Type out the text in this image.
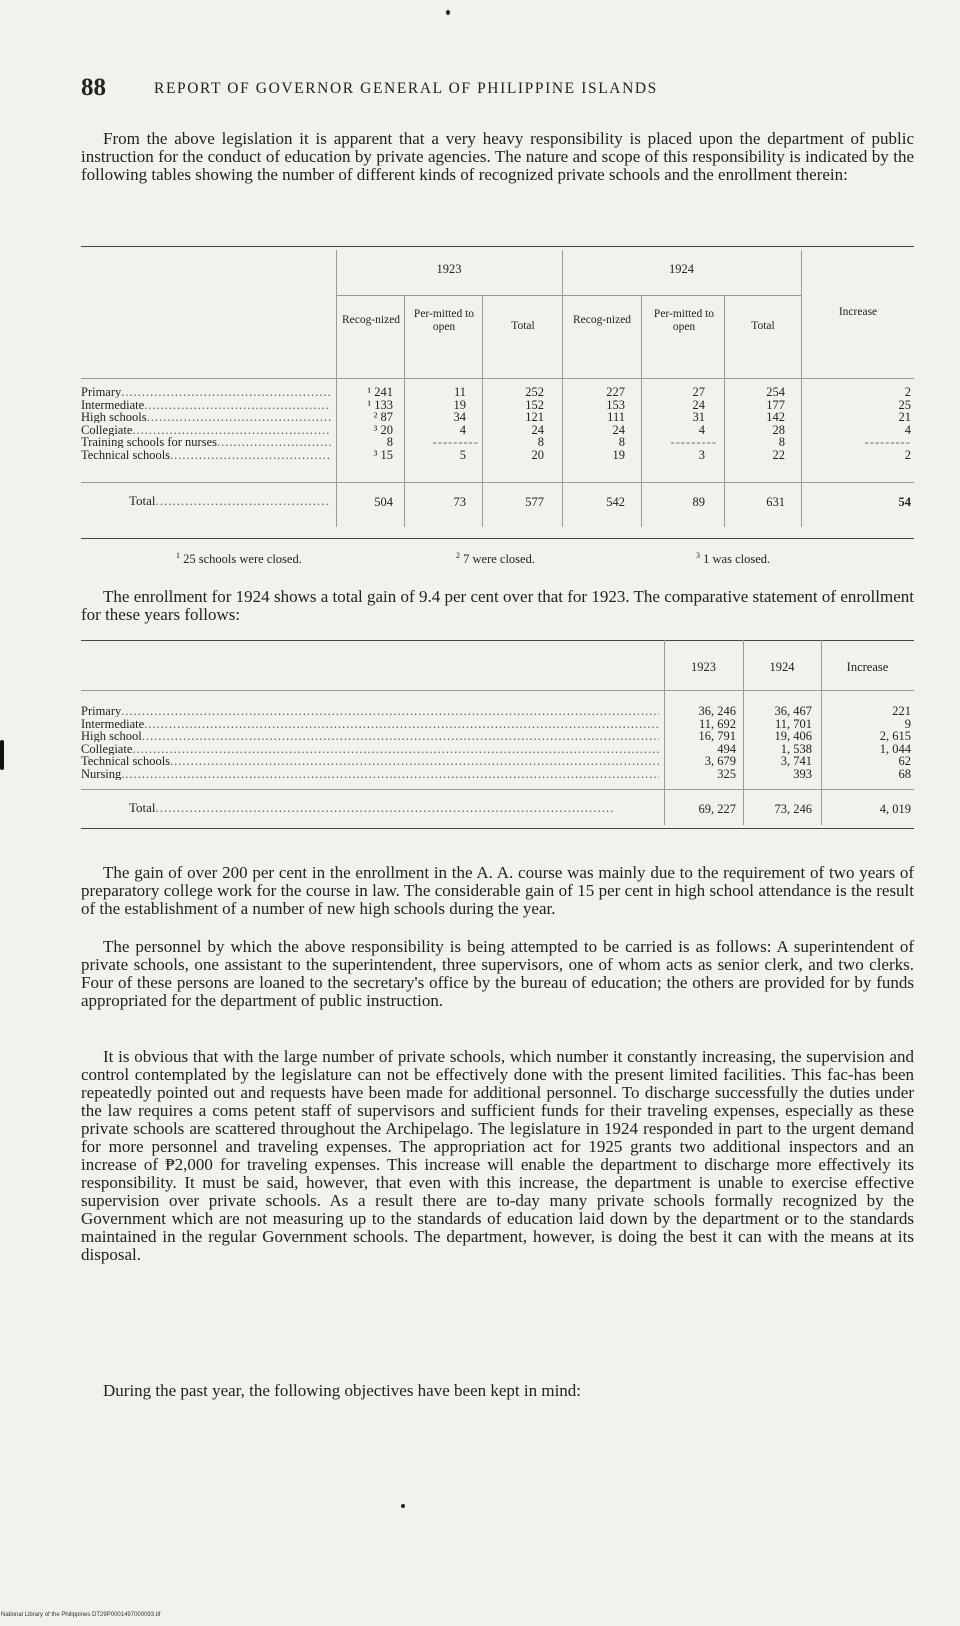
88	REPORT OF GOVERNOR GENERAL OF PHILIPPINE ISLANDS

From the above legislation it is apparent that a very heavy responsibility is placed upon the department of public instruction for the conduct of education by private agencies. The nature and scope of this responsibility is indicated by the following tables showing the number of different kinds of recognized private schools and the enrollment therein:

1923	1924
Recog-nized	Per-mitted to open	Total	Recog-nized	Per-mitted to open	Total
Increase
Primary .....	¹ 241	11	252	227	27	254	2
Intermediate .....	¹ 133	19	152	153	24	177	25
High schools .....	² 87	34	121	111	31	142	21
Collegiate .....	³ 20	4	24	24	4	28	4
Training schools for nurses .....	8	---------	8	8	---------	8	---------
Technical schools .....	³ 15	5	20	19	3	22	2
Total .....	504	73	577	542	89	631	54
$^1$ 25 schools were closed.	$^2$ 7 were closed.	$^3$ 1 was closed.

The enrollment for 1924 shows a total gain of 9.4 per cent over that for 1923. The comparative statement of enrollment for these years follows:

1923	1924	Increase
Primary ..... .....	36, 246	36, 467	221
Intermediate ..... .....	11, 692	11, 701	9
High school ..... .....	16, 791	19, 406	2, 615
Collegiate ..... .....	494	1, 538	1, 044
Technical schools ..... .....	3, 679	3, 741	62
Nursing ..... .....	325	393	68
Total ..... .....	69, 227	73, 246	4, 019

The gain of over 200 per cent in the enrollment in the A. A. course was mainly due to the requirement of two years of preparatory college work for the course in law. The considerable gain of 15 per cent in high school attendance is the result of the establishment of a number of new high schools during the year.

The personnel by which the above responsibility is being attempted to be carried is as follows: A superintendent of private schools, one assistant to the superintendent, three supervisors, one of whom acts as senior clerk, and two clerks. Four of these persons are loaned to the secretary's office by the bureau of education; the others are provided for by funds appropriated for the department of public instruction.

It is obvious that with the large number of private schools, which number it constantly increasing, the supervision and control contemplated by the legislature can not be effectively done with the present limited facilities. This fac-has been repeatedly pointed out and requests have been made for additional personnel. To discharge successfully the duties under the law requires a coms petent staff of supervisors and sufficient funds for their traveling expenses, especially as these private schools are scattered throughout the Archipelago. The legislature in 1924 responded in part to the urgent demand for more personnel and traveling expenses. The appropriation act for 1925 grants two additional inspectors and an increase of ₱2,000 for traveling expenses. This increase will enable the department to discharge more effectively its responsibility. It must be said, however, that even with this increase, the department is unable to exercise effective supervision over private schools. As a result there are to-day many private schools formally recognized by the Government which are not measuring up to the standards of education laid down by the department or to the standards maintained in the regular Government schools. The department, however, is doing the best it can with the means at its disposal.

During the past year, the following objectives have been kept in mind:

National Library of the Philippines DT29P0001497000093.tif
